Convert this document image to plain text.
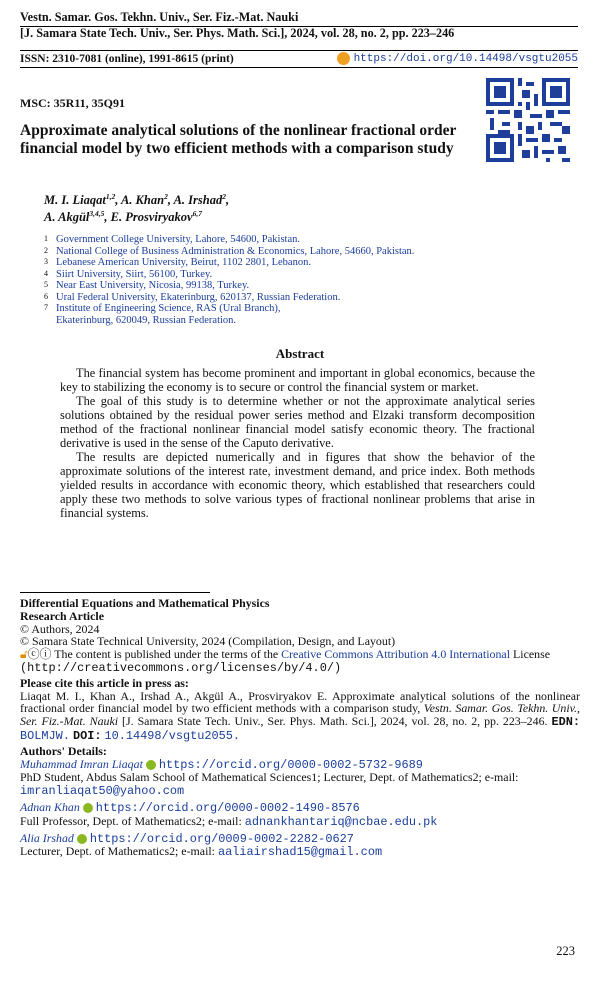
Vestn. Samar. Gos. Tekhn. Univ., Ser. Fiz.-Mat. Nauki
[J. Samara State Tech. Univ., Ser. Phys. Math. Sci.], 2024, vol. 28, no. 2, pp. 223–246
ISSN: 2310-7081 (online), 1991-8615 (print)	https://doi.org/10.14498/vsgtu2055
MSC: 35R11, 35Q91
Approximate analytical solutions of the nonlinear fractional order financial model by two efficient methods with a comparison study
M. I. Liaqat$^{1,2}$, A. Khan$^2$, A. Irshad$^2$,
A. Akgül$^{3,4,5}$, E. Prosviryakov$^{6,7}$
1 Government College University, Lahore, 54600, Pakistan.
2 National College of Business Administration & Economics, Lahore, 54660, Pakistan.
3 Lebanese American University, Beirut, 1102 2801, Lebanon.
4 Siirt University, Siirt, 56100, Turkey.
5 Near East University, Nicosia, 99138, Turkey.
6 Ural Federal University, Ekaterinburg, 620137, Russian Federation.
7 Institute of Engineering Science, RAS (Ural Branch),
Ekaterinburg, 620049, Russian Federation.
Abstract

The financial system has become prominent and important in global economics, because the key to stabilizing the economy is to secure or control the financial system or market.

The goal of this study is to determine whether or not the approximate analytical series solutions obtained by the residual power series method and Elzaki transform decomposition method of the fractional nonlinear financial model satisfy economic theory. The fractional derivative is used in the sense of the Caputo derivative.

The results are depicted numerically and in figures that show the behavior of the approximate solutions of the interest rate, investment demand, and price index. Both methods yielded results in accordance with economic theory, which established that researchers could apply these two methods to solve various types of fractional nonlinear problems that arise in financial systems.

Differential Equations and Mathematical Physics

Research Article

© Authors, 2024

© Samara State Technical University, 2024 (Compilation, Design, and Layout)

🔓︎ⓒⓘ The content is published under the terms of the Creative Commons Attribution 4.0 International License (http://creativecommons.org/licenses/by/4.0/)

Please cite this article in press as:

Liaqat M. I., Khan A., Irshad A., Akgül A., Prosviryakov E. Approximate analytical solutions of the nonlinear fractional order financial model by two efficient methods with a comparison study, Vestn. Samar. Gos. Tekhn. Univ., Ser. Fiz.-Mat. Nauki [J. Samara State Tech. Univ., Ser. Phys. Math. Sci.], 2024, vol. 28, no. 2, pp. 223–246. EDN: BOLMJW. DOI: 10.14498/vsgtu2055.

Authors' Details:

Muhammad Imran Liaqat https://orcid.org/0000-0002-5732-9689
PhD Student, Abdus Salam School of Mathematical Sciences1; Lecturer, Dept. of Mathematics2; e-mail: imranliaqat50@yahoo.com
Adnan Khan https://orcid.org/0000-0002-1490-8576
Full Professor, Dept. of Mathematics2; e-mail: adnankhantariq@ncbae.edu.pk
Alia Irshad https://orcid.org/0009-0002-2282-0627
Lecturer, Dept. of Mathematics2; e-mail: aaliairshad15@gmail.com
223
